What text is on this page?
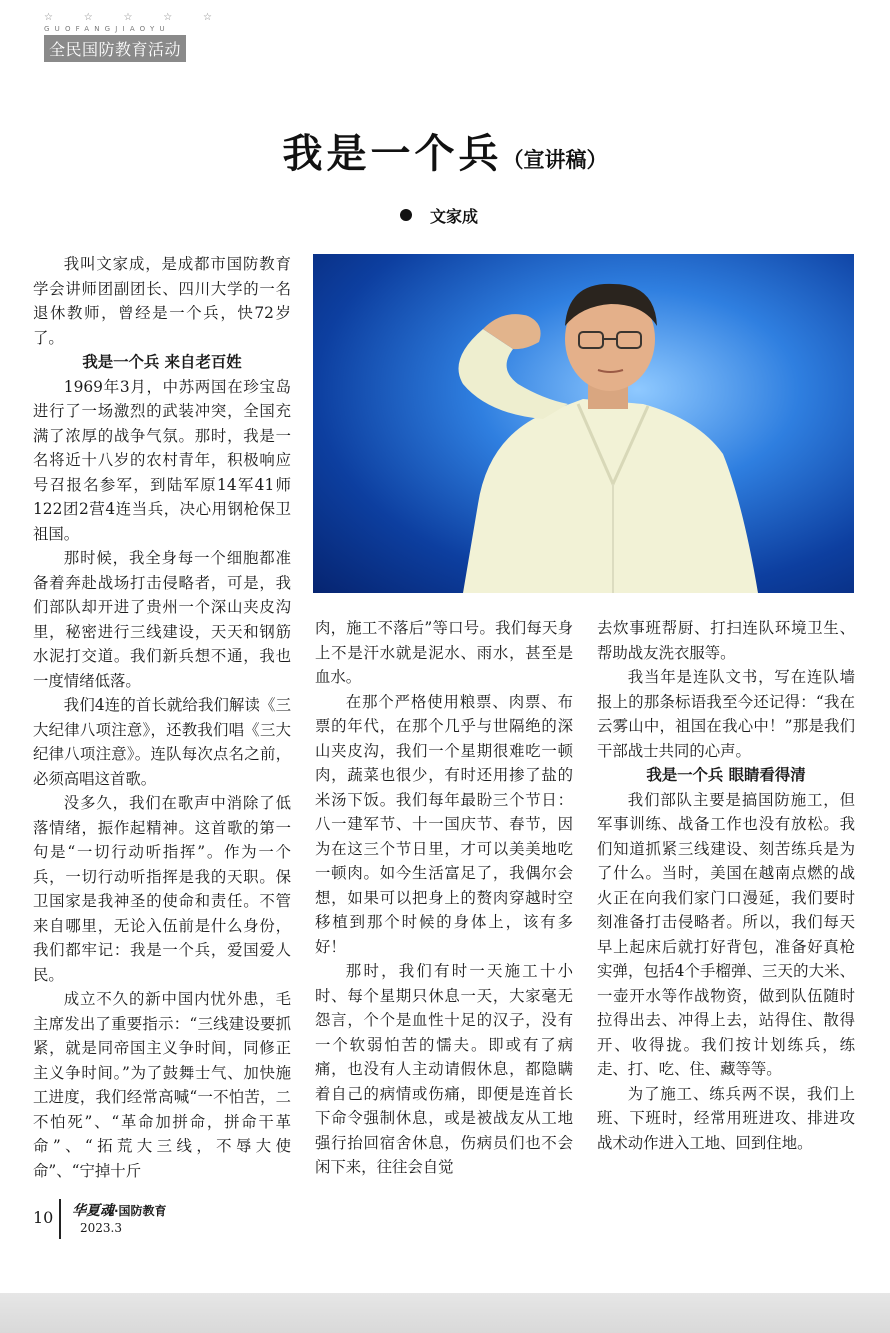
☆	☆	☆	☆	☆
GUOFANGJIAOYU
全民国防教育活动
我是一个兵（宣讲稿）
文家成

我叫文家成，是成都市国防教育学会讲师团副团长、四川大学的一名退休教师，曾经是一个兵，快72岁了。

我是一个兵 来自老百姓

1969年3月，中苏两国在珍宝岛进行了一场激烈的武装冲突，全国充满了浓厚的战争气氛。那时，我是一名将近十八岁的农村青年，积极响应号召报名参军，到陆军原14军41师122团2营4连当兵，决心用钢枪保卫祖国。

那时候，我全身每一个细胞都准备着奔赴战场打击侵略者，可是，我们部队却开进了贵州一个深山夹皮沟里，秘密进行三线建设，天天和钢筋水泥打交道。我们新兵想不通，我也一度情绪低落。

我们4连的首长就给我们解读《三大纪律八项注意》，还教我们唱《三大纪律八项注意》。连队每次点名之前，必须高唱这首歌。

没多久，我们在歌声中消除了低落情绪，振作起精神。这首歌的第一句是“一切行动听指挥”。作为一个兵，一切行动听指挥是我的天职。保卫国家是我神圣的使命和责任。不管来自哪里，无论入伍前是什么身份，我们都牢记：我是一个兵，爱国爱人民。

成立不久的新中国内忧外患，毛主席发出了重要指示：“三线建设要抓紧，就是同帝国主义争时间，同修正主义争时间。”为了鼓舞士气、加快施工进度，我们经常高喊“一不怕苦，二不怕死”、“革命加拼命，拼命干革命”、“拓荒大三线，不辱大使命”、“宁掉十斤

肉，施工不落后”等口号。我们每天身上不是汗水就是泥水、雨水，甚至是血水。

在那个严格使用粮票、肉票、布票的年代，在那个几乎与世隔绝的深山夹皮沟，我们一个星期很难吃一顿肉，蔬菜也很少，有时还用掺了盐的米汤下饭。我们每年最盼三个节日：八一建军节、十一国庆节、春节，因为在这三个节日里，才可以美美地吃一顿肉。如今生活富足了，我偶尔会想，如果可以把身上的赘肉穿越时空移植到那个时候的身体上，该有多好！

那时，我们有时一天施工十小时、每个星期只休息一天，大家毫无怨言，个个是血性十足的汉子，没有一个软弱怕苦的懦夫。即或有了病痛，也没有人主动请假休息，都隐瞒着自己的病情或伤痛，即便是连首长下命令强制休息，或是被战友从工地强行抬回宿舍休息，伤病员们也不会闲下来，往往会自觉

去炊事班帮厨、打扫连队环境卫生、帮助战友洗衣服等。

我当年是连队文书，写在连队墙报上的那条标语我至今还记得：“我在云雾山中，祖国在我心中！”那是我们干部战士共同的心声。

我是一个兵 眼睛看得清

我们部队主要是搞国防施工，但军事训练、战备工作也没有放松。我们知道抓紧三线建设、刻苦练兵是为了什么。当时，美国在越南点燃的战火正在向我们家门口漫延，我们要时刻准备打击侵略者。所以，我们每天早上起床后就打好背包，准备好真枪实弹，包括4个手榴弹、三天的大米、一壶开水等作战物资，做到队伍随时拉得出去、冲得上去，站得住、散得开、收得拢。我们按计划练兵，练走、打、吃、住、藏等等。

为了施工、练兵两不误，我们上班、下班时，经常用班进攻、排进攻战术动作进入工地、回到住地。

10 华夏魂·国防教育
2023.3
